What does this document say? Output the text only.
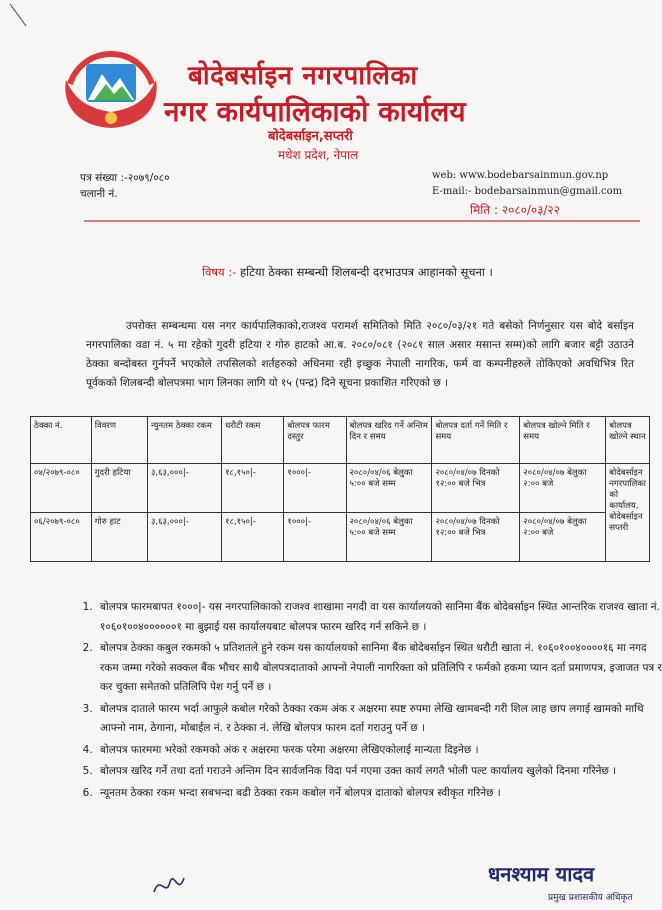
बोदेबर्साइन नगरपालिका
नगर कार्यपालिकाको कार्यालय
बोदेबर्साइन,सप्तरी
मधेश प्रदेश, नेपाल
पत्र संख्या :-२०७९/०८०
चलानी नं.
web: www.bodebarsainmun.gov.np
E-mail:- bodebarsainmun@gmail.com
मिति : २०८०/०३/२२
विषय :- हटिया ठेक्का सम्बन्धी शिलबन्दी दरभाउपत्र आहानको सूचना ।
उपरोक्त सम्बन्धमा यस नगर कार्यपालिकाको,राजश्व परामर्श समितिको मिति २०८०/०३/२१ गते बसेको निर्णनुसार यस बोदे बर्साइन नगरपालिका वडा नं. ५ मा रहेको गुदरी हटिया र गोरु हाटको आ.ब. २०८०/०८१ (२०८१ साल असार मसान्त सम्म)को लागि बजार बट्टी उठाउने ठेक्का बन्दोबस्त गुर्नपर्ने भएकोले तपसिलको शर्तहरुको अधिनमा रही इच्छुक नेपाली नागरिक, फर्म वा कम्पनीहरुले तोकिएको अवधिभित्र रित पूर्वकको शिलबन्दी बोलपत्रमा भाग लिनका लागि यो १५ (पन्द्र) दिने सूचना प्रकाशित गरिएको छ ।
ठेक्का नं.	विवरण	न्युनतम ठेक्का रकम	धरौटी रकम	बोलपत्र फारम दस्तुर	बोलपत्र खरिद गर्ने अन्तिम दिन र समय	बोलपत्र दर्ता गर्ने मिति र समय	बोलपत्र खोल्ने मिति र समय	बोलपत्र खोल्ने स्थान
०४/२०७९-०८०	गुदरी हटिया	३,६३,०००|-	१८,१५०|-	१०००|-	२०८०/०४/०६ बेलुका ५:०० बजे सम्म	२०८०/०४/०७ दिनको १२:०० बजे भित्र	२०८०/०४/०७ बेलुका २:०० बजे	बोदेबर्साइन नगरपालिका को कार्यालय, बोदेबर्साइन सप्तरी
०६/२०७९-०८०	गोरु हाट	३,६३,०००|-	१८,१५०|-	१०००|-	२०८०/०४/०६ बेलुका ५:०० बजे सम्म	२०८०/०४/०७ दिनको १२:०० बजे भित्र	२०८०/०४/०७ बेलुका २:०० बजे	
1. बोलपत्र फारमबापत १०००|- यस नगरपालिकाको राजश्व शाखामा नगदी वा यस कार्यालयको सानिमा बैंक बोदेबर्साइन स्थित आन्तरिक राजश्व खाता नं. १०६०१००४००००००१ मा बुझाई यस कार्यालयबाट बोलपत्र फारम खरिद गर्न सकिने छ ।
2. बोलपत्र ठेक्का कबुल रकमको ५ प्रतिशतले हुने रकम यस कार्यालयको सानिमा बैंक बोदेबर्साइन स्थित धरौटी खाता नं. १०६०१००४००००१६ मा नगद रकम जम्मा गरेको सक्कल बैंक भौचर साथै बोलपत्रदाताको आफ्नो नेपाली नागरिक्ता को प्रतिलिपि र फर्मको हकमा प्यान दर्ता प्रमाणपत्र, इजाजत पत्र र कर चुक्ता समेतको प्रतिलिपि पेश गर्नु पर्ने छ ।
3. बोलपत्र दाताले फारम भर्दा आफुले कबोल गरेको ठेक्का रकम अंक र अक्षरमा स्पष्ट रुपमा लेखि खामबन्दी गरी शिल लाह छाप लगाई खामको माथि आफ्नो नाम, ठेगाना, मोबाईल नं. र ठेक्का नं. लेखि बोलपत्र फारम दर्ता गराउनु पर्ने छ ।
4. बोलपत्र फारममा भरेको रकमको अंक र अक्षरमा फरक परेमा अक्षरमा लेखिएकोलाई मान्यता दिइनेछ ।
5. बोलपत्र खरिद गर्ने तथा दर्ता गराउने अन्तिम दिन सार्वजनिक विदा पर्न गएमा उक्त कार्य लगतै भोली पल्ट कार्यालय खुलेको दिनमा गरिनेछ ।
6. न्यूनतम ठेक्का रकम भन्दा सबभन्दा बढी ठेक्का रकम कबोल गर्ने बोलपत्र दाताको बोलपत्र स्वीकृत गरिनेछ ।
धनश्याम यादव
प्रमुख प्रशासकीय अधिकृत
